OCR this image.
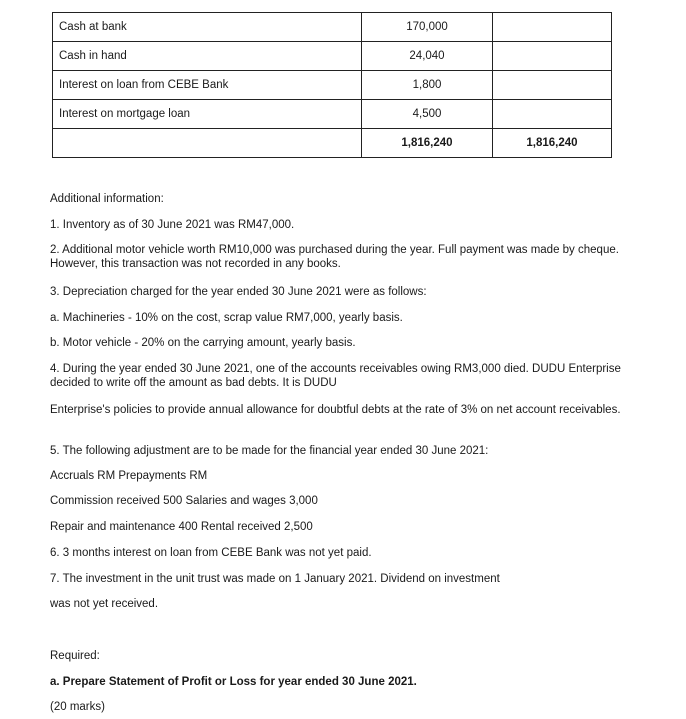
Cash at bank	170,000	
Cash in hand	24,040	
Interest on loan from CEBE Bank	1,800	
Interest on mortgage loan	4,500	
	1,816,240	1,816,240
Additional information:
1. Inventory as of 30 June 2021 was RM47,000.
2. Additional motor vehicle worth RM10,000 was purchased during the year. Full payment was made by cheque. However, this transaction was not recorded in any books.
3. Depreciation charged for the year ended 30 June 2021 were as follows:
a. Machineries - 10% on the cost, scrap value RM7,000, yearly basis.
b. Motor vehicle - 20% on the carrying amount, yearly basis.
4. During the year ended 30 June 2021, one of the accounts receivables owing RM3,000 died. DUDU Enterprise decided to write off the amount as bad debts. It is DUDU
Enterprise's policies to provide annual allowance for doubtful debts at the rate of 3% on net account receivables.
5. The following adjustment are to be made for the financial year ended 30 June 2021:
Accruals RM Prepayments RM
Commission received 500 Salaries and wages 3,000
Repair and maintenance 400 Rental received 2,500
6. 3 months interest on loan from CEBE Bank was not yet paid.
7. The investment in the unit trust was made on 1 January 2021. Dividend on investment
was not yet received.
Required:
a. Prepare Statement of Profit or Loss for year ended 30 June 2021.
(20 marks)
